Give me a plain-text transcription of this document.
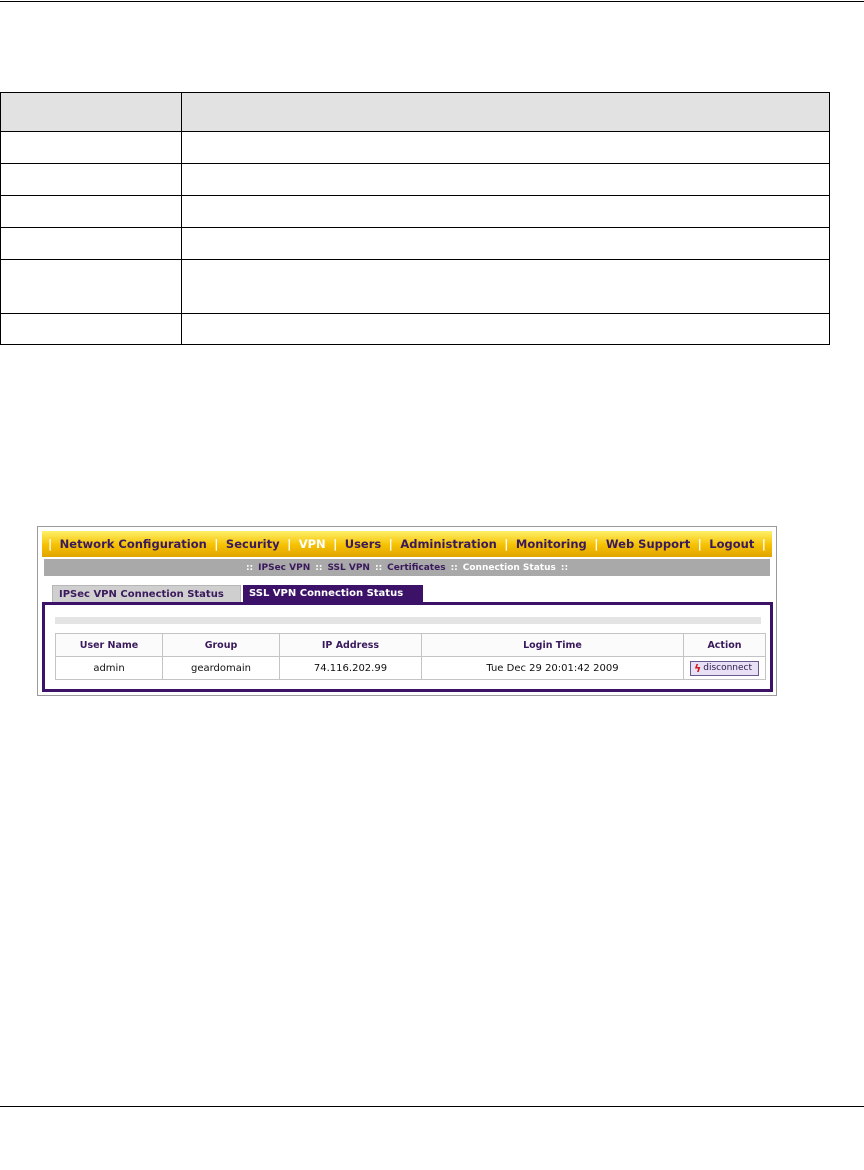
| Network Configuration | Security | VPN | Users | Administration | Monitoring | Web Support | Logout |
:: IPSec VPN :: SSL VPN :: Certificates :: Connection Status ::
IPSec VPN Connection Status	SSL VPN Connection Status
User Name	Group	IP Address	Login Time	Action
admin	geardomain	74.116.202.99	Tue Dec 29 20:01:42 2009	ϟ disconnect
